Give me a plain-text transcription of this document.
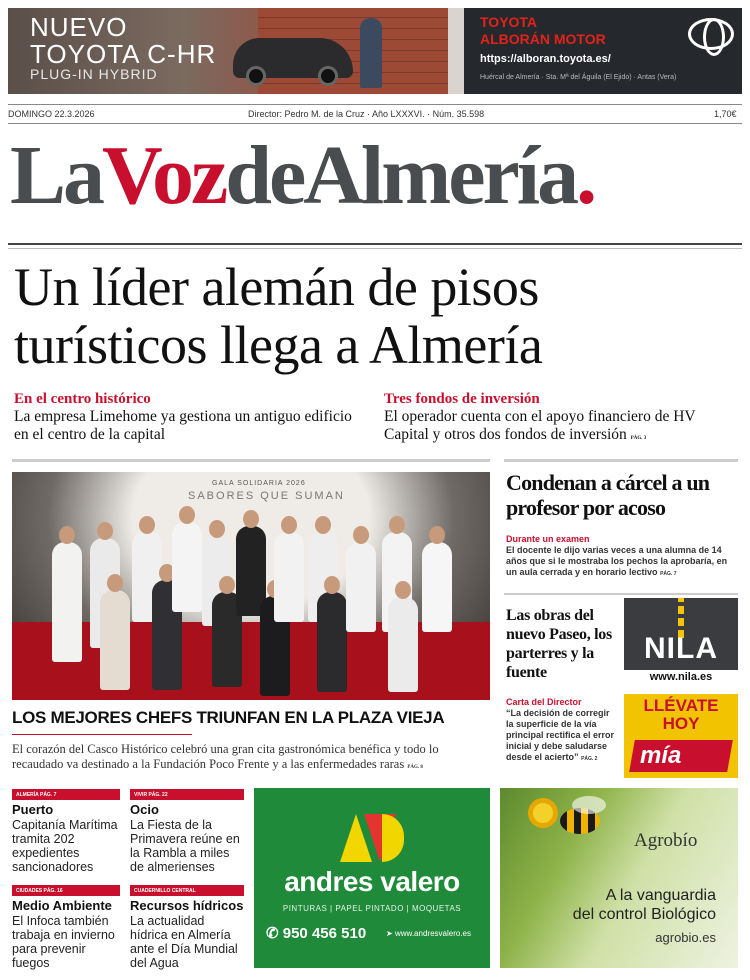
NUEVO
TOYOTA C-HR
PLUG-IN HYBRID
TOYOTA
ALBORÁN MOTOR
https://alboran.toyota.es/
Huércal de Almería · Sta. Mª del Águila (El Ejido) · Antas (Vera)
DOMINGO 22.3.2026	Director: Pedro M. de la Cruz · Año LXXXVI. · Núm. 35.598	1,70€
LaVozdeAlmería.
Un líder alemán de pisos
turísticos llega a Almería
En el centro histórico
La empresa Limehome ya gestiona un antiguo edificio en el centro de la capital
Tres fondos de inversión
El operador cuenta con el apoyo financiero de HV Capital y otros dos fondos de inversión PÁG. 3
GALA SOLIDARIA 2026
SABORES QUE SUMAN
LOS MEJORES CHEFS TRIUNFAN EN LA PLAZA VIEJA
El corazón del Casco Histórico celebró una gran cita gastronómica benéfica y todo lo recaudado va destinado a la Fundación Poco Frente y a las enfermedades raras PÁG. 8
Condenan a cárcel a un profesor por acoso
Durante un examen
El docente le dijo varias veces a una alumna de 14 años que si le mostraba los pechos la aprobaría, en un aula cerrada y en horario lectivo PÁG. 7
Las obras del nuevo Paseo, los parterres y la fuente
Carta del Director
“La decisión de corregir la superficie de la vía principal rectifica el error inicial y debe saludarse desde el acierto” PÁG. 2
NILA
www.nila.es
LLÉVATE
HOY
mía
ALMERÍA PÁG. 7
Puerto
Capitanía Marítima tramita 202 expedientes sancionadores
VIVIR PÁG. 22
Ocio
La Fiesta de la Primavera reúne en la Rambla a miles de almerienses
CIUDADES PÁG. 16
Medio Ambiente
El Infoca también trabaja en invierno para prevenir fuegos
CUADERNILLO CENTRAL
Recursos hídricos
La actualidad hídrica en Almería ante el Día Mundial del Agua
andres valero
PINTURAS | PAPEL PINTADO | MOQUETAS
✆ 950 456 510 ➤ www.andresvalero.es
Agrobío
A la vanguardia
del control Biológico
agrobio.es
